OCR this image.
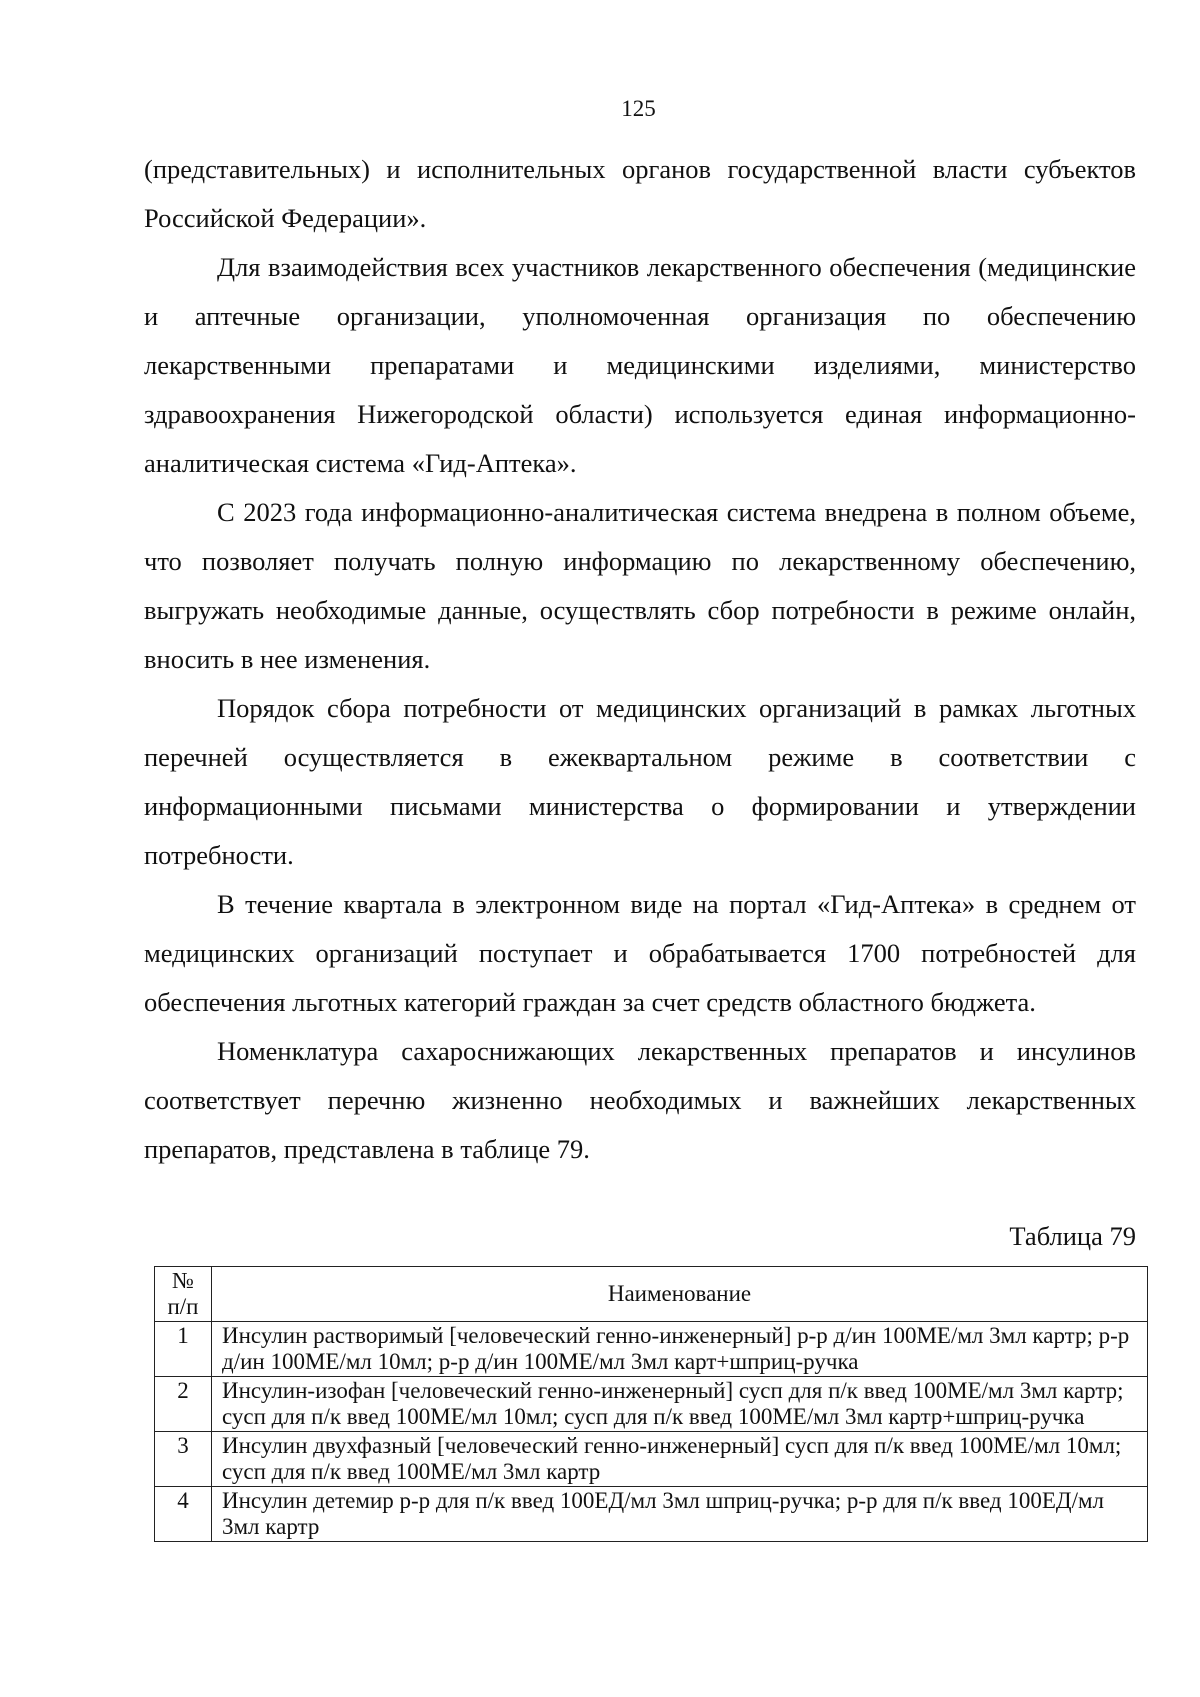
125

(представительных) и исполнительных органов государственной власти субъектов Российской Федерации».

Для взаимодействия всех участников лекарственного обеспечения (медицинские и аптечные организации, уполномоченная организация по обеспечению лекарственными препаратами и медицинскими изделиями, министерство здравоохранения Нижегородской области) используется единая информационно-аналитическая система «Гид-Аптека».

С 2023 года информационно-аналитическая система внедрена в полном объеме, что позволяет получать полную информацию по лекарственному обеспечению, выгружать необходимые данные, осуществлять сбор потребности в режиме онлайн, вносить в нее изменения.

Порядок сбора потребности от медицинских организаций в рамках льготных перечней осуществляется в ежеквартальном режиме в соответствии с информационными письмами министерства о формировании и утверждении потребности.

В течение квартала в электронном виде на портал «Гид-Аптека» в среднем от медицинских организаций поступает и обрабатывается 1700 потребностей для обеспечения льготных категорий граждан за счет средств областного бюджета.

Номенклатура сахароснижающих лекарственных препаратов и инсулинов соответствует перечню жизненно необходимых и важнейших лекарственных препаратов, представлена в таблице 79.

Таблица 79
№ п/п	Наименование
1	Инсулин растворимый [человеческий генно-инженерный] р-р д/ин 100МЕ/мл 3мл картр; р-р д/ин 100МЕ/мл 10мл; р-р д/ин 100МЕ/мл 3мл карт+шприц-ручка
2	Инсулин-изофан [человеческий генно-инженерный] сусп для п/к введ 100МЕ/мл 3мл картр; сусп для п/к введ 100МЕ/мл 10мл; сусп для п/к введ 100МЕ/мл 3мл картр+шприц-ручка
3	Инсулин двухфазный [человеческий генно-инженерный] сусп для п/к введ 100МЕ/мл 10мл; сусп для п/к введ 100МЕ/мл 3мл картр
4	Инсулин детемир р-р для п/к введ 100ЕД/мл 3мл шприц-ручка; р-р для п/к введ 100ЕД/мл 3мл картр
